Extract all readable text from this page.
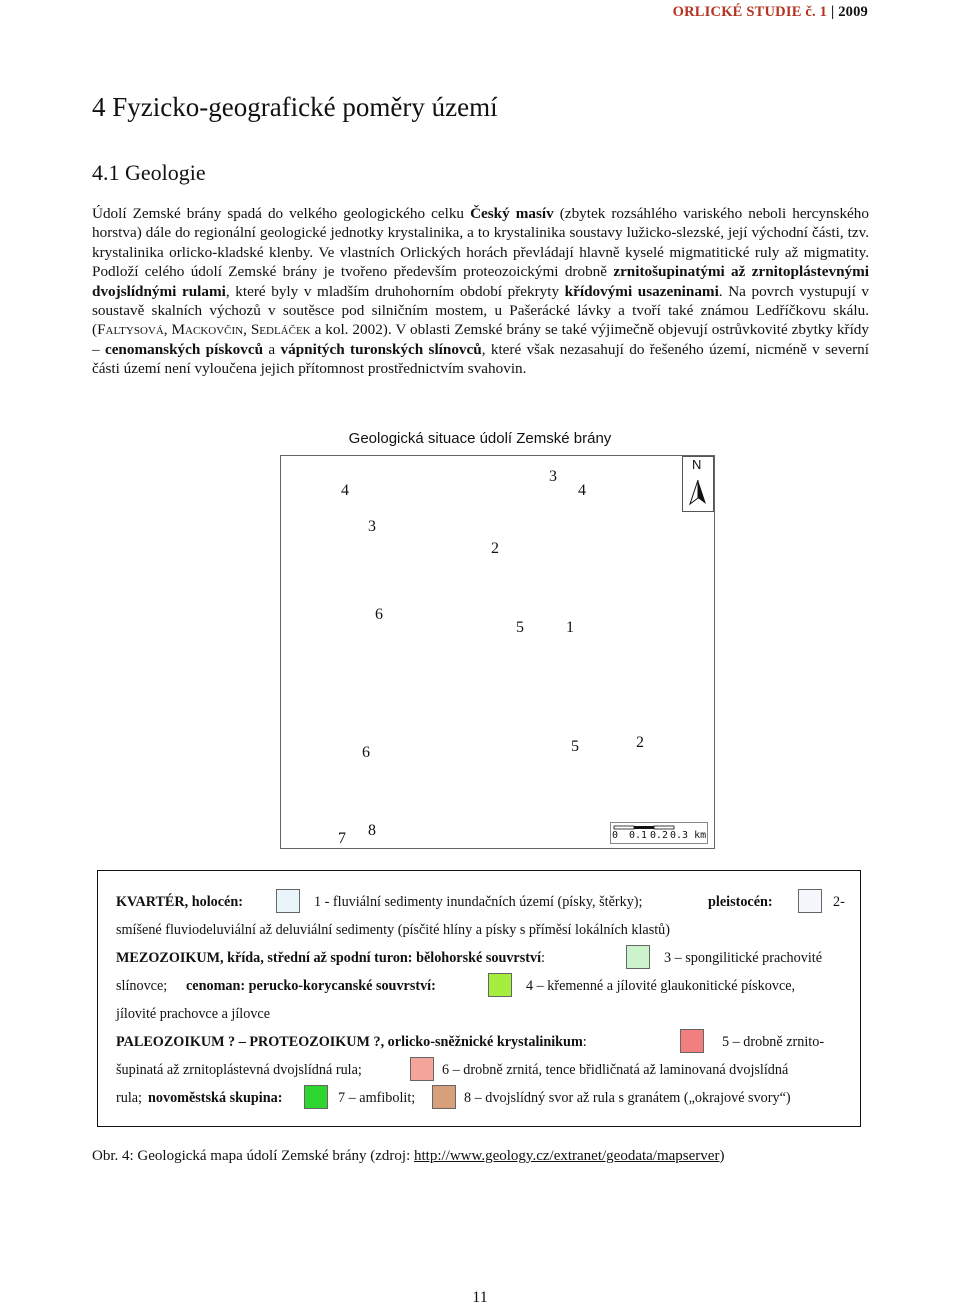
ORLICKÉ STUDIE č. 1 | 2009
4 Fyzicko-geografické poměry území
4.1 Geologie

Údolí Zemské brány spadá do velkého geologického celku Český masív (zbytek rozsáhlého variského neboli hercynského horstva) dále do regionální geologické jednotky krystalinika, a to krystalinika soustavy lužicko-slezské, její východní části, tzv. krystalinika orlicko-kladské klenby. Ve vlastních Orlických horách převládají hlavně kyselé migmatitické ruly až migmatity. Podloží celého údolí Zemské brány je tvořeno především proteozoickými drobně zrnitošupinatými až zrnitoplástevnými dvojslídnými rulami, které byly v mladším druhohorním období překryty křídovými usazeninami. Na povrch vystupují v soustavě skalních výchozů v soutěsce pod silničním mostem, u Pašerácké lávky a tvoří také známou Ledříčkovu skálu. (Faltysová, Mackovčin, Sedláček a kol. 2002). V oblasti Zemské brány se také výjimečně objevují ostrůvkovité zbytky křídy – cenomanských pískovců a vápnitých turonských slínovců, které však nezasahují do řešeného území, nicméně v severní části území není vyloučena jejich přítomnost prostřednictvím svahovin.

Geologická situace údolí Zemské brány
4
3
4
3
2
6
5	1
6	5	2
7 8
N
0 0.1 0.2 0.3 km
KVARTÉR, holocén:	1 - fluviální sedimenty inundačních území (písky, štěrky);	pleistocén:	2-
smíšené fluviodeluviální až deluviální sedimenty (písčité hlíny a písky s příměsí lokálních klastů)
MEZOZOIKUM, křída, střední až spodní turon: bělohorské souvrství:	3 – spongilitické prachovité
slínovce; cenoman: perucko-korycanské souvrství:	4 – křemenné a jílovité glaukonitické pískovce,
jílovité prachovce a jílovce
PALEOZOIKUM ? – PROTEOZOIKUM ?, orlicko-sněžnické krystalinikum:	5 – drobně zrnito-
šupinatá až zrnitoplástevná dvojslídná rula;	6 – drobně zrnitá, tence břidličnatá až laminovaná dvojslídná
rula; novoměstská skupina:	7 – amfibolit;	8 – dvojslídný svor až rula s granátem („okrajové svory“)
Obr. 4: Geologická mapa údolí Zemské brány (zdroj: http://www.geology.cz/extranet/geodata/mapserver)
11
